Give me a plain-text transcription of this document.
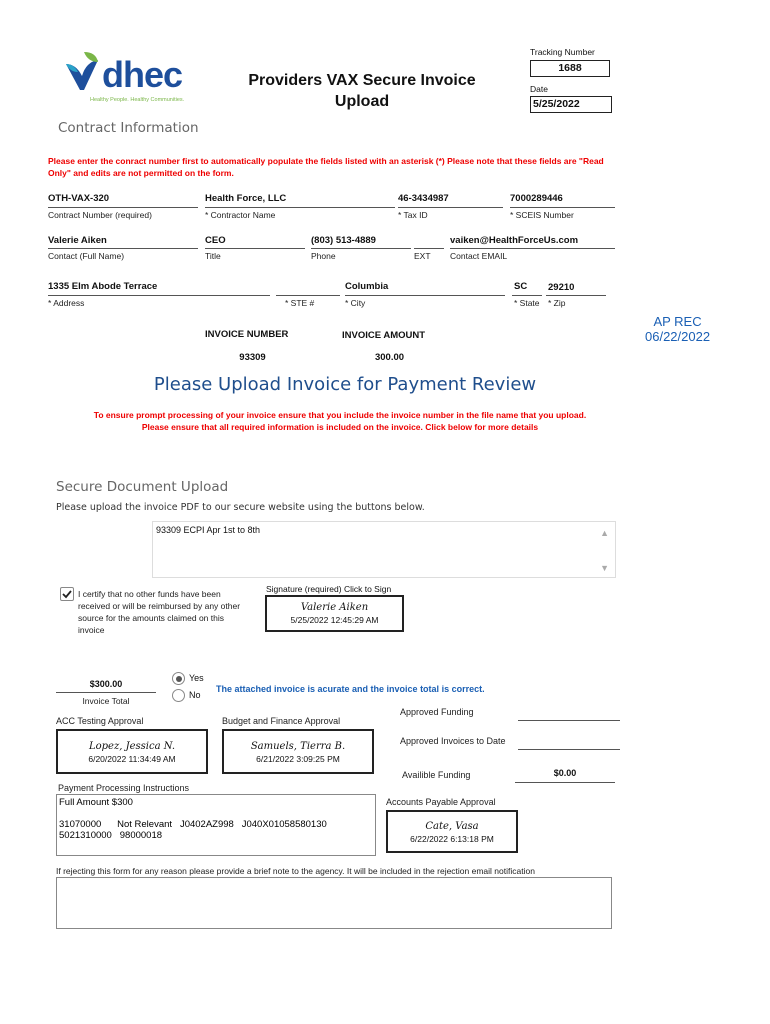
dhec
Healthy People. Healthy Communities.
Providers VAX Secure Invoice Upload
Tracking Number
1688
Date
5/25/2022
Contract Information
Please enter the conract number first to automatically populate the fields listed with an asterisk (*) Please note that these fields are "Read Only" and edits are not permitted on the form.
OTH-VAX-320
Contract Number (required)
Health Force, LLC
* Contractor Name
46-3434987
* Tax ID
7000289446
* SCEIS Number
Valerie Aiken
Contact (Full Name)
CEO
Title
(803) 513-4889
Phone	EXT
vaiken@HealthForceUs.com
Contact EMAIL
1335 Elm Abode Terrace
* Address	* STE #
Columbia
* City
SC
* State
29210
* Zip
INVOICE NUMBER
93309
INVOICE AMOUNT
300.00
AP REC
06/22/2022
Please Upload Invoice for Payment Review
To ensure prompt processing of your invoice ensure that you include the invoice number in the file name that you upload.
Please ensure that all required information is included on the invoice. Click below for more details
Secure Document Upload
Please upload the invoice PDF to our secure website using the buttons below.
93309 ECPI Apr 1st to 8th	▲
▼
I certify that no other funds have been received or will be reimbursed by any other source for the amounts claimed on this invoice
Signature (required) Click to Sign
Valerie Aiken
5/25/2022 12:45:29 AM
$300.00
Invoice Total
Yes
No
The attached invoice is acurate and the invoice total is correct.
ACC Testing Approval
Lopez, Jessica N.
6/20/2022 11:34:49 AM
Budget and Finance Approval
Samuels, Tierra B.
6/21/2022 3:09:25 PM
Approved Funding
Approved Invoices to Date
Availible Funding	$0.00
Payment Processing Instructions
Full Amount $300 31070000 Not Relevant J0402AZ998 J040X01058580130 5021310000 98000018
Accounts Payable Approval
Cate, Vasa
6/22/2022 6:13:18 PM
If rejecting this form for any reason please provide a brief note to the agency. It will be included in the rejection email notification
